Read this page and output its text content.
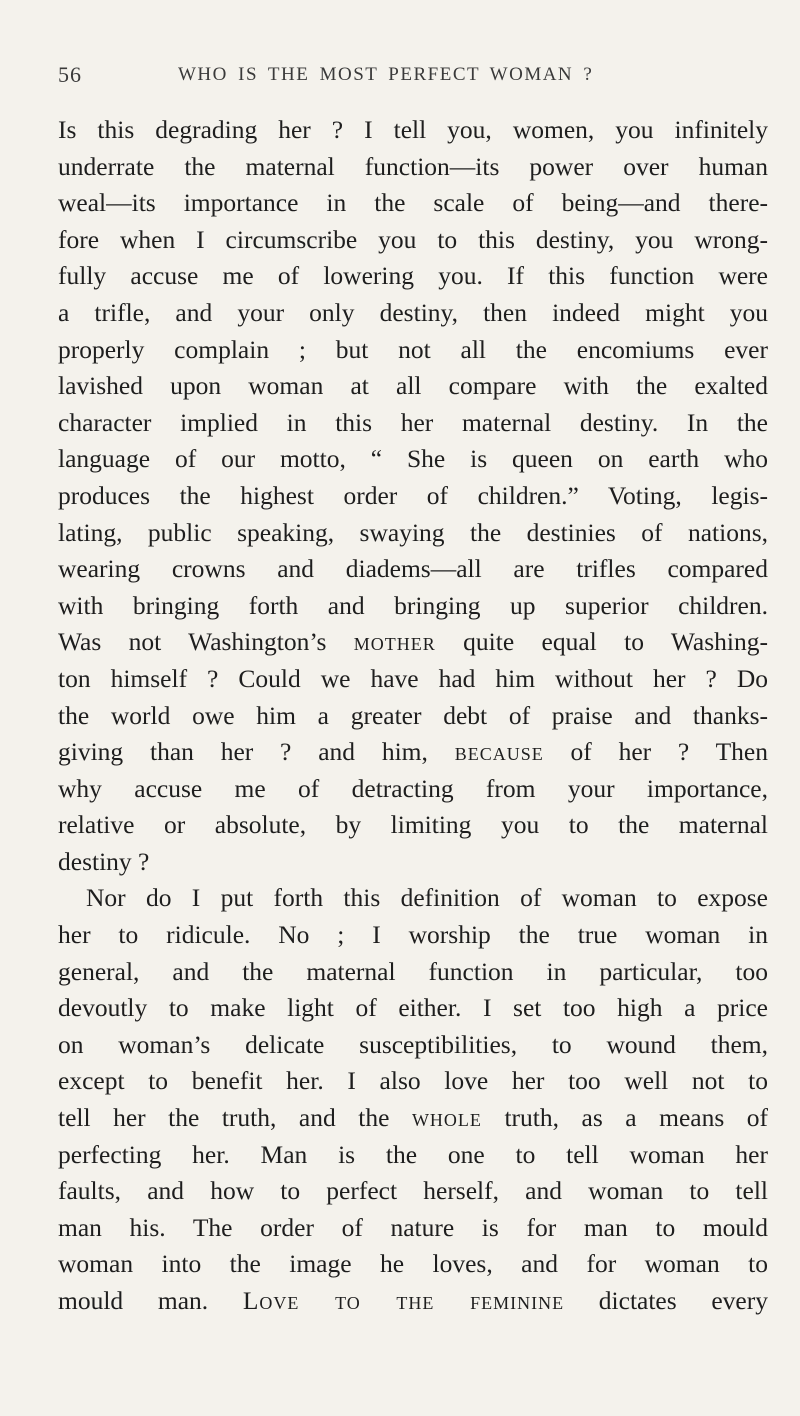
56	WHO IS THE MOST PERFECT WOMAN ?
Is this degrading her ? I tell you, women, you infinitely
underrate the maternal function—its power over human
weal—its importance in the scale of being—and there-
fore when I circumscribe you to this destiny, you wrong-
fully accuse me of lowering you. If this function were
a trifle, and your only destiny, then indeed might you
properly complain ; but not all the encomiums ever
lavished upon woman at all compare with the exalted
character implied in this her maternal destiny. In the
language of our motto, “ She is queen on earth who
produces the highest order of children.” Voting, legis-
lating, public speaking, swaying the destinies of nations,
wearing crowns and diadems—all are trifles compared
with bringing forth and bringing up superior children.
Was not Washington’s mother quite equal to Washing-
ton himself ? Could we have had him without her ? Do
the world owe him a greater debt of praise and thanks-
giving than her ? and him, because of her ? Then
why accuse me of detracting from your importance,
relative or absolute, by limiting you to the maternal
destiny ?
Nor do I put forth this definition of woman to expose
her to ridicule. No ; I worship the true woman in
general, and the maternal function in particular, too
devoutly to make light of either. I set too high a price
on woman’s delicate susceptibilities, to wound them,
except to benefit her. I also love her too well not to
tell her the truth, and the whole truth, as a means of
perfecting her. Man is the one to tell woman her
faults, and how to perfect herself, and woman to tell
man his. The order of nature is for man to mould
woman into the image he loves, and for woman to
mould man. Love to the feminine dictates every
